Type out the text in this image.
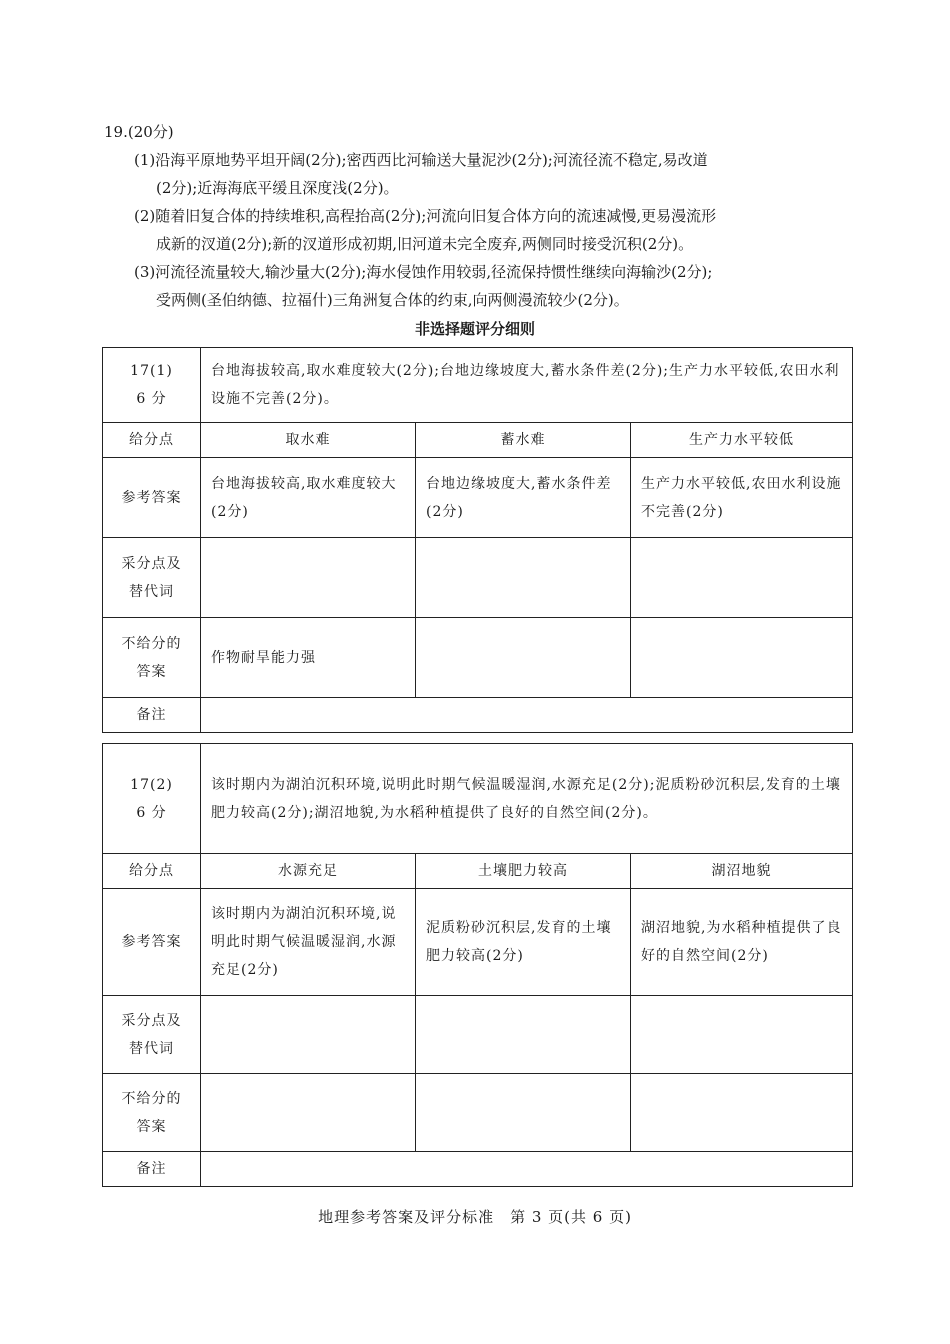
19.(20分)

(1)沿海平原地势平坦开阔(2分);密西西比河输送大量泥沙(2分);河流径流不稳定,易改道
(2分);近海海底平缓且深度浅(2分)。

(2)随着旧复合体的持续堆积,高程抬高(2分);河流向旧复合体方向的流速减慢,更易漫流形
成新的汊道(2分);新的汊道形成初期,旧河道未完全废弃,两侧同时接受沉积(2分)。

(3)河流径流量较大,输沙量大(2分);海水侵蚀作用较弱,径流保持惯性继续向海输沙(2分);
受两侧(圣伯纳德、拉福什)三角洲复合体的约束,向两侧漫流较少(2分)。

非选择题评分细则
17(1)
6 分	台地海拔较高,取水难度较大(2分);台地边缘坡度大,蓄水条件差(2分);生产力水平较低,农田水利设施不完善(2分)。		
给分点	取水难	蓄水难	生产力水平较低
参考答案	台地海拔较高,取水难度较大(2分)	台地边缘坡度大,蓄水条件差(2分)	生产力水平较低,农田水利设施不完善(2分)
采分点及
替代词			
不给分的
答案	作物耐旱能力强		
备注			
17(2)
6 分	该时期内为湖泊沉积环境,说明此时期气候温暖湿润,水源充足(2分);泥质粉砂沉积层,发育的土壤肥力较高(2分);湖沼地貌,为水稻种植提供了良好的自然空间(2分)。		
给分点	水源充足	土壤肥力较高	湖沼地貌
参考答案	该时期内为湖泊沉积环境,说明此时期气候温暖湿润,水源充足(2分)	泥质粉砂沉积层,发育的土壤肥力较高(2分)	湖沼地貌,为水稻种植提供了良好的自然空间(2分)
采分点及
替代词			
不给分的
答案			
备注			
地理参考答案及评分标准　第 3 页(共 6 页)
